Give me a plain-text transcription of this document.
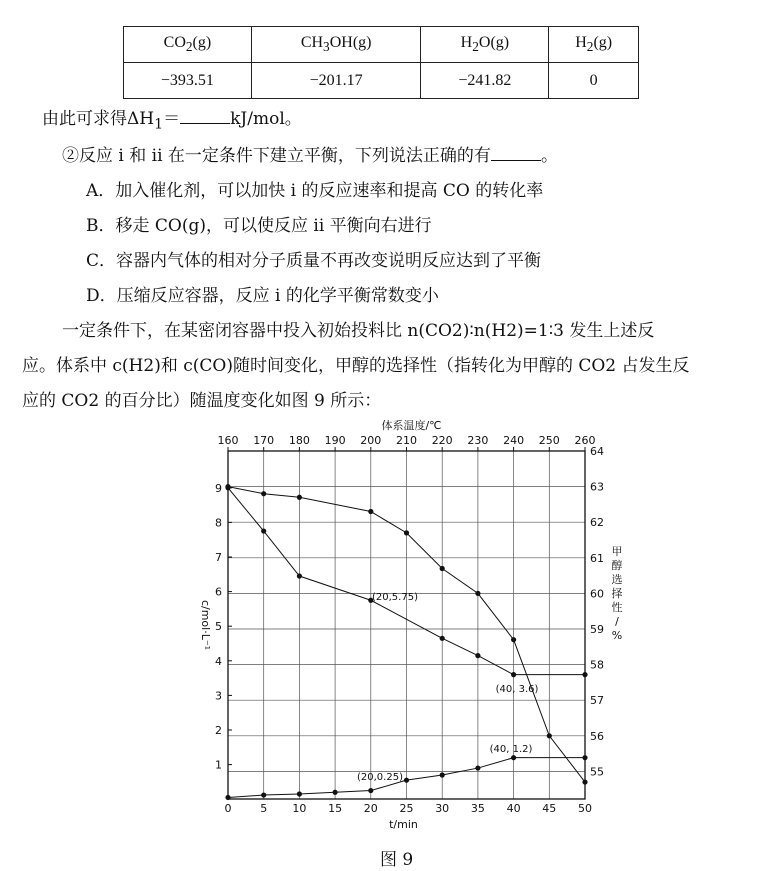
$CO_2(g)$	$CH_3OH(g)$	$H_2O(g)$	$H_2(g)$
−393.51	−201.17	−241.82	0
由此可求得$\Delta H_1=$	kJ/mol。
②反应 i 和 ii 在一定条件下建立平衡，下列说法正确的有	。
A．加入催化剂，可以加快 i 的反应速率和提高 CO 的转化率
B．移走 CO(g)，可以使反应 ii 平衡向右进行
C．容器内气体的相对分子质量不再改变说明反应达到了平衡
D．压缩反应容器，反应 i 的化学平衡常数变小
一定条件下，在某密闭容器中投入初始投料比 n(CO2)∶n(H2)=1∶3 发生上述反
应。体系中 c(H2)和 c(CO)随时间变化，甲醇的选择性（指转化为甲醇的 CO2 占发生反
应的 CO2 的百分比）随温度变化如图 9 所示：
160 170 180 190 200 210 220 230 240 250 260
体系温度/℃
0	5 10 15 20 25 30 35 40 45 50
t/min
1
2
3
4
5
6
7
8
9
c/mol·L⁻¹
55
56
57
58
59
60
61
62
63
64
甲
醇
选
择
性
/
%
(20,5.75)
(40, 3.6)
(40, 1.2)
(20,0.25)
图 9
